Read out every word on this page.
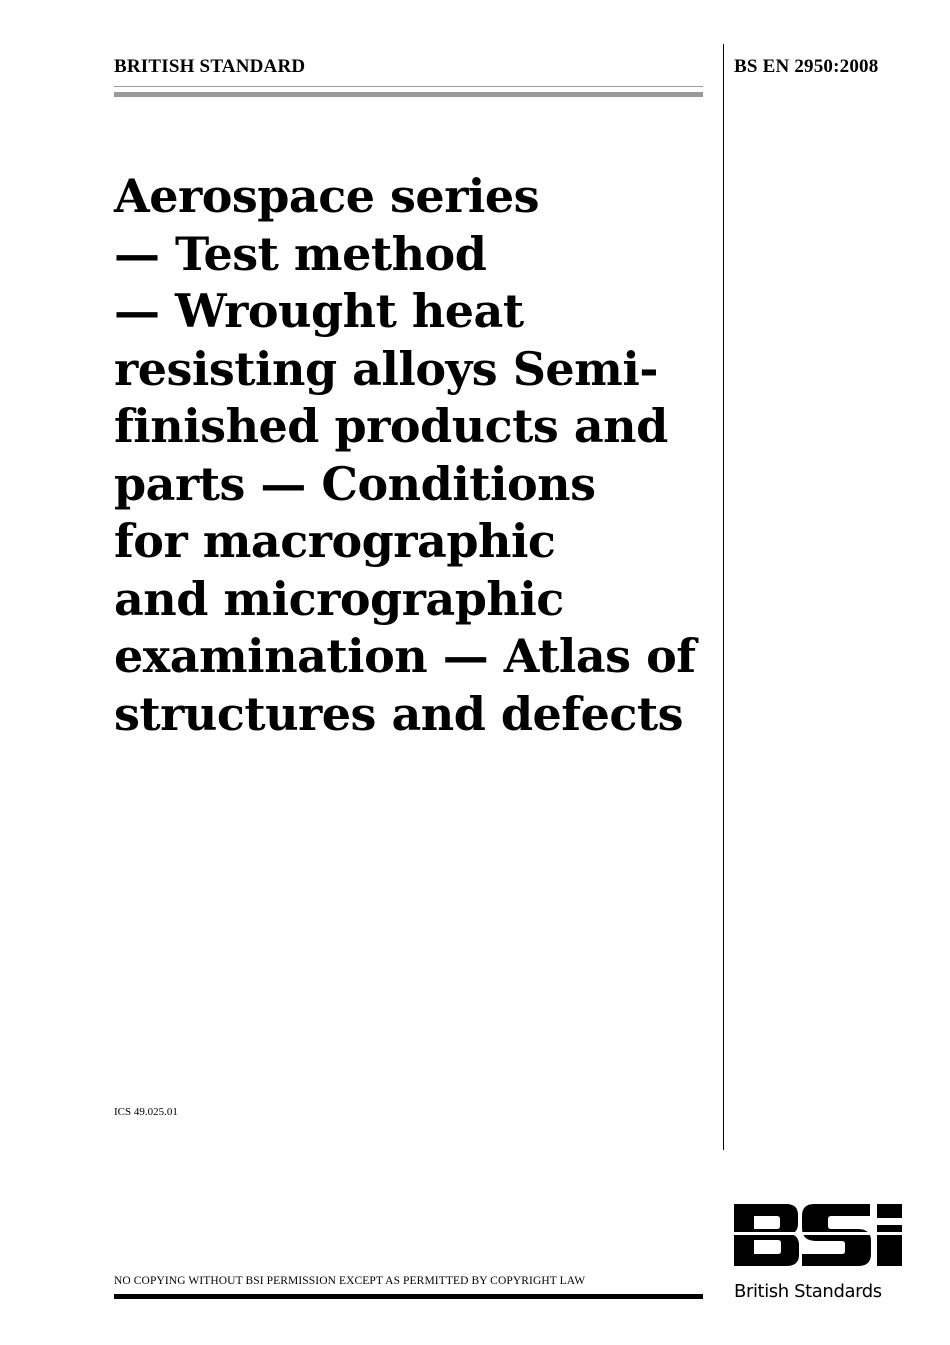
BRITISH STANDARD	BS EN 2950:2008
Aerospace series
— Test method
— Wrought heat
resisting alloys Semi-
finished products and
parts — Conditions
for macrographic
and micrographic
examination — Atlas of
structures and defects
ICS 49.025.01
NO COPYING WITHOUT BSI PERMISSION EXCEPT AS PERMITTED BY COPYRIGHT LAW	British Standards
